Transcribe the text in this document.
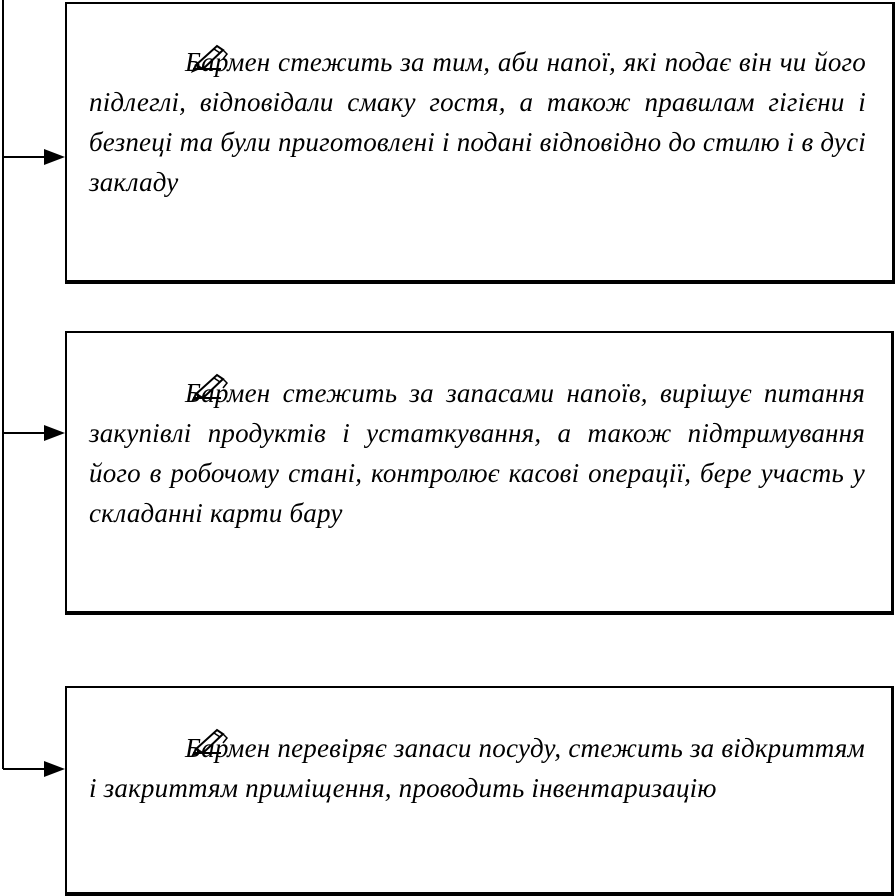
Бармен стежить за тим, аби напої, які подає він чи його підлеглі, відповідали смаку гостя, а також правилам гігієни і безпеці та були приготовлені і подані відповідно до стилю і в дусі закладу

Бармен стежить за запасами напоїв, вирішує питання закупівлі продуктів і устаткування, а також підтримування його в робочому стані, контролює касові операції, бере участь у складанні карти бару

Бармен перевіряє запаси посуду, стежить за відкриттям і закриттям приміщення, проводить інвентаризацію
